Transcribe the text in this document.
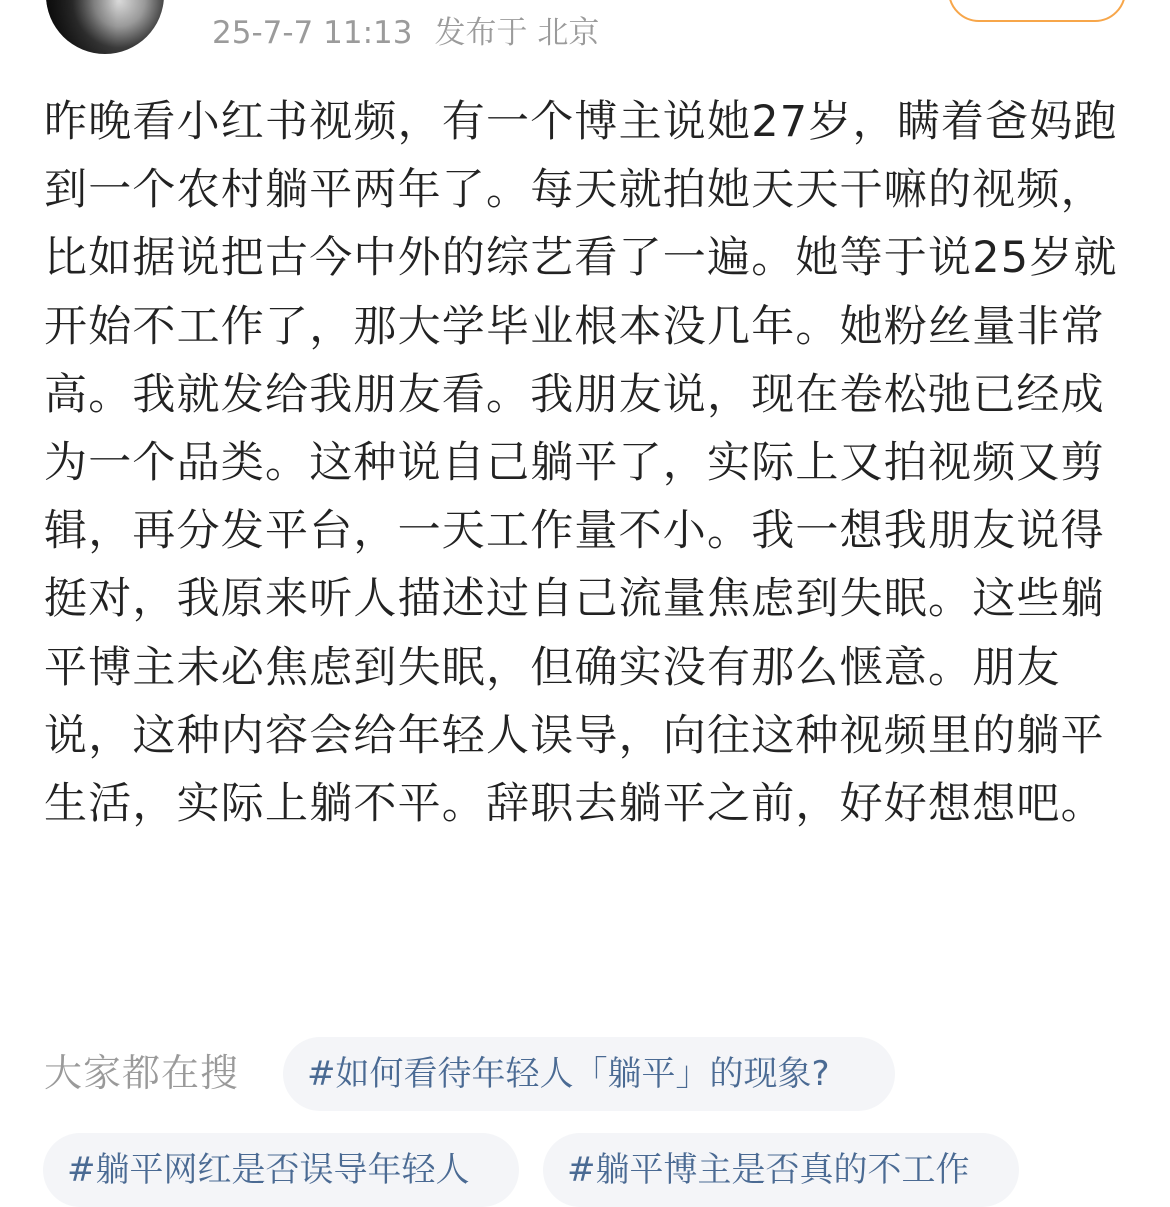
25-7-7 11:13 发布于 北京

昨晚看小红书视频，有一个博主说她27岁，瞒着爸妈跑到一个农村躺平两年了。每天就拍她天天干嘛的视频，比如据说把古今中外的综艺看了一遍。她等于说25岁就开始不工作了，那大学毕业根本没几年。她粉丝量非常高。我就发给我朋友看。我朋友说，现在卷松弛已经成为一个品类。这种说自己躺平了，实际上又拍视频又剪辑，再分发平台，一天工作量不小。我一想我朋友说得挺对，我原来听人描述过自己流量焦虑到失眠。这些躺平博主未必焦虑到失眠，但确实没有那么惬意。朋友说，这种内容会给年轻人误导，向往这种视频里的躺平生活，实际上躺不平。辞职去躺平之前，好好想想吧。

大家都在搜	#如何看待年轻人「躺平」的现象?
#躺平网红是否误导年轻人	#躺平博主是否真的不工作
